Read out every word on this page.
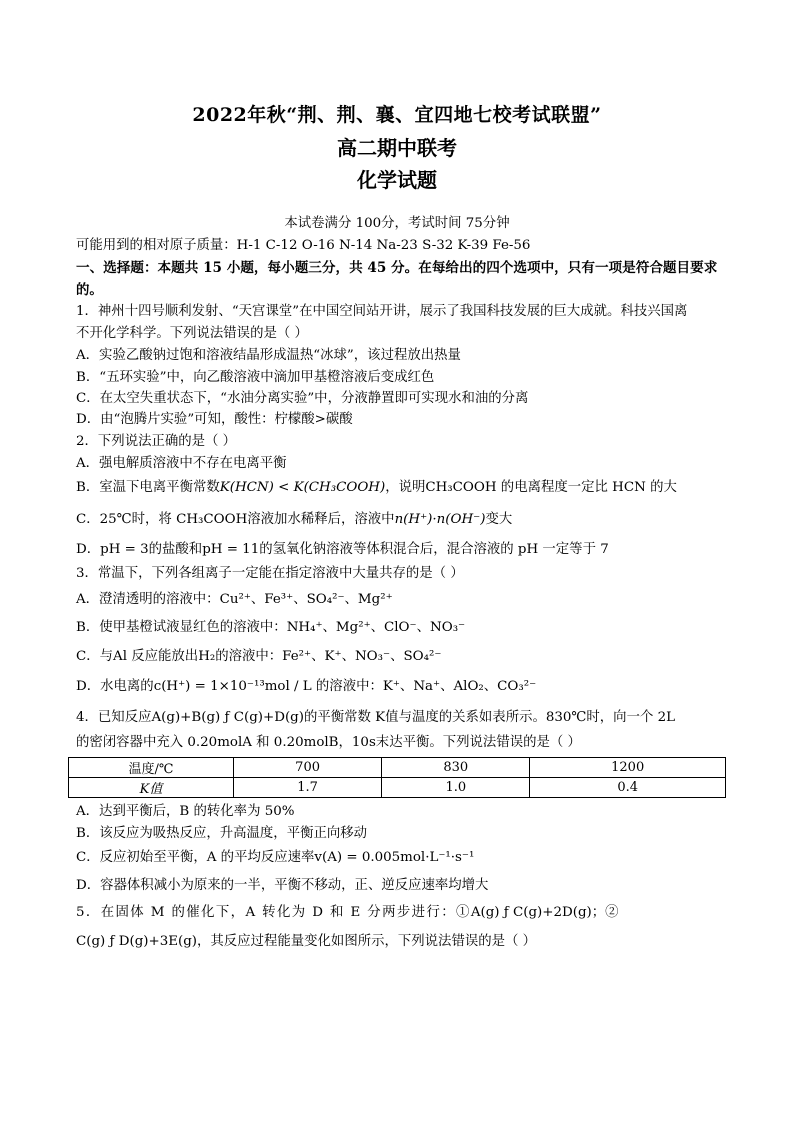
2022年秋“荆、荆、襄、宜四地七校考试联盟”
高二期中联考
化学试题
本试卷满分 100分，考试时间 75分钟
可能用到的相对原子质量：H-1 C-12 O-16 N-14 Na-23 S-32 K-39 Fe-56
一、选择题：本题共 15 小题，每小题三分，共 45 分。在每给出的四个选项中，只有一项是符合题目要求
的。
1．神州十四号顺利发射、“天宫课堂”在中国空间站开讲，展示了我国科技发展的巨大成就。科技兴国离
不开化学科学。下列说法错误的是（ ）
A．实验乙酸钠过饱和溶液结晶形成温热“冰球”，该过程放出热量
B．“五环实验”中，向乙酸溶液中滴加甲基橙溶液后变成红色
C．在太空失重状态下，“水油分离实验”中，分液静置即可实现水和油的分离
D．由“泡腾片实验”可知，酸性：柠檬酸>碳酸
2．下列说法正确的是（ ）
A．强电解质溶液中不存在电离平衡
B．室温下电离平衡常数K(HCN) < K(CH₃COOH)，说明CH₃COOH 的电离程度一定比 HCN 的大
C．25℃时，将 CH₃COOH溶液加水稀释后，溶液中n(H⁺)·n(OH⁻)变大
D．pH = 3的盐酸和pH = 11的氢氧化钠溶液等体积混合后，混合溶液的 pH 一定等于 7
3．常温下，下列各组离子一定能在指定溶液中大量共存的是（ ）
A．澄清透明的溶液中：Cu²⁺、Fe³⁺、SO₄²⁻、Mg²⁺
B．使甲基橙试液显红色的溶液中：NH₄⁺、Mg²⁺、ClO⁻、NO₃⁻
C．与Al 反应能放出H₂的溶液中：Fe²⁺、K⁺、NO₃⁻、SO₄²⁻
D．水电离的c(H⁺) = 1×10⁻¹³mol / L 的溶液中：K⁺、Na⁺、AlO₂、CO₃²⁻
4．已知反应A(g)+B(g) ƒ C(g)+D(g)的平衡常数 K值与温度的关系如表所示。830℃时，向一个 2L
的密闭容器中充入 0.20molA 和 0.20molB，10s末达平衡。下列说法错误的是（ ）
温度/℃	700	830	1200
K值	1.7	1.0	0.4
A．达到平衡后，B 的转化率为 50%
B．该反应为吸热反应，升高温度，平衡正向移动
C．反应初始至平衡，A 的平均反应速率v(A) = 0.005mol·L⁻¹·s⁻¹
D．容器体积减小为原来的一半，平衡不移动，正、逆反应速率均增大
5．在固体 M 的催化下，A 转化为 D 和 E 分两步进行：①A(g) ƒ C(g)+2D(g)；②
C(g) ƒ D(g)+3E(g)，其反应过程能量变化如图所示，下列说法错误的是（ ）
